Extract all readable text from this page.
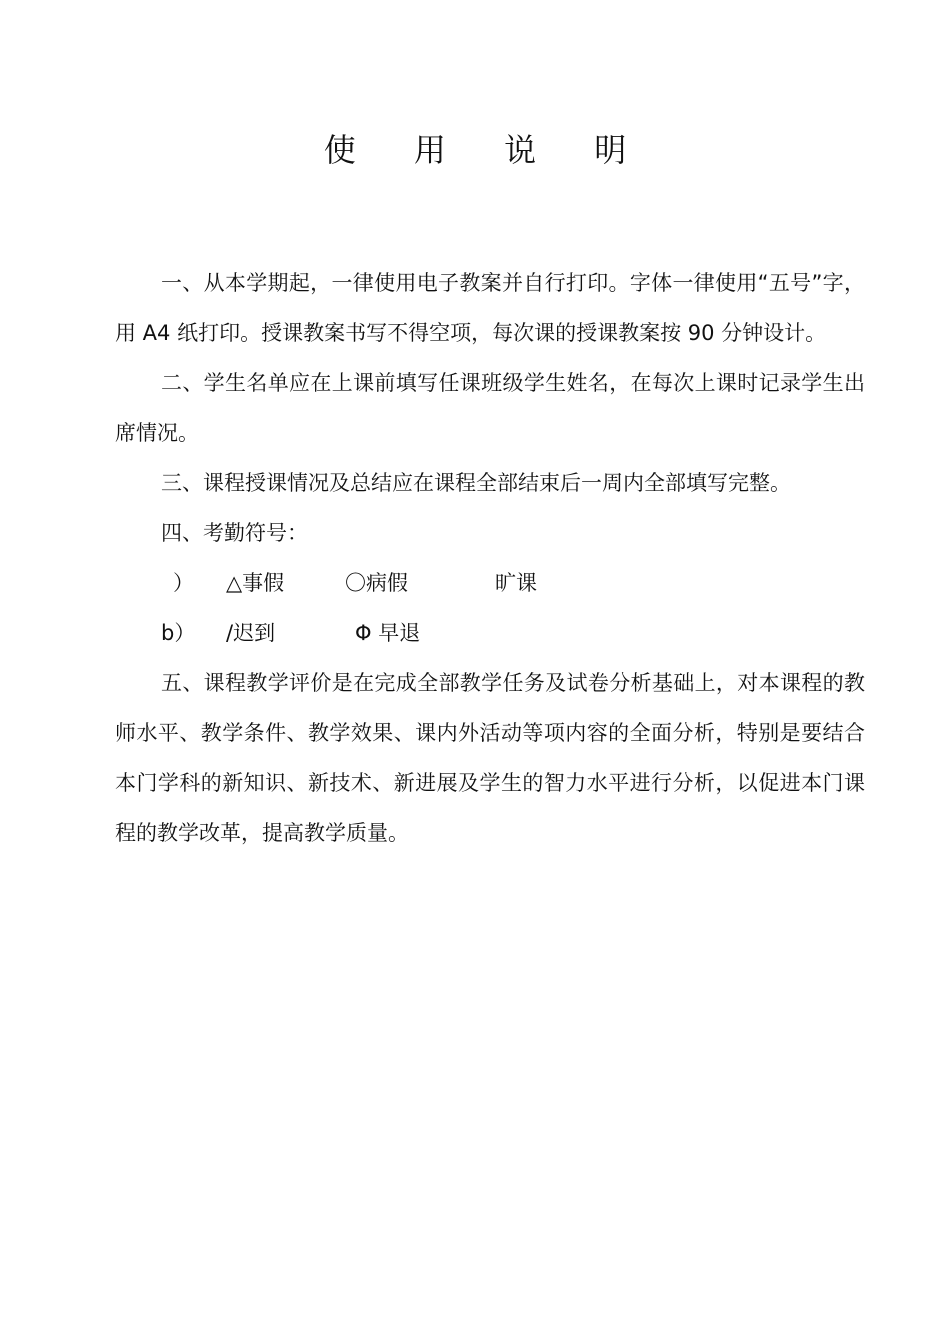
使 用 说 明

一、从本学期起，一律使用电子教案并自行打印。字体一律使用“五号”字，用 A4 纸打印。授课教案书写不得空项，每次课的授课教案按 90 分钟设计。

二、学生名单应在上课前填写任课班级学生姓名，在每次上课时记录学生出席情况。

三、课程授课情况及总结应在课程全部结束后一周内全部填写完整。

四、考勤符号：

） △事假	〇病假	旷课
b） /迟到	Φ 早退

五、课程教学评价是在完成全部教学任务及试卷分析基础上，对本课程的教师水平、教学条件、教学效果、课内外活动等项内容的全面分析，特别是要结合本门学科的新知识、新技术、新进展及学生的智力水平进行分析，以促进本门课程的教学改革，提高教学质量。
